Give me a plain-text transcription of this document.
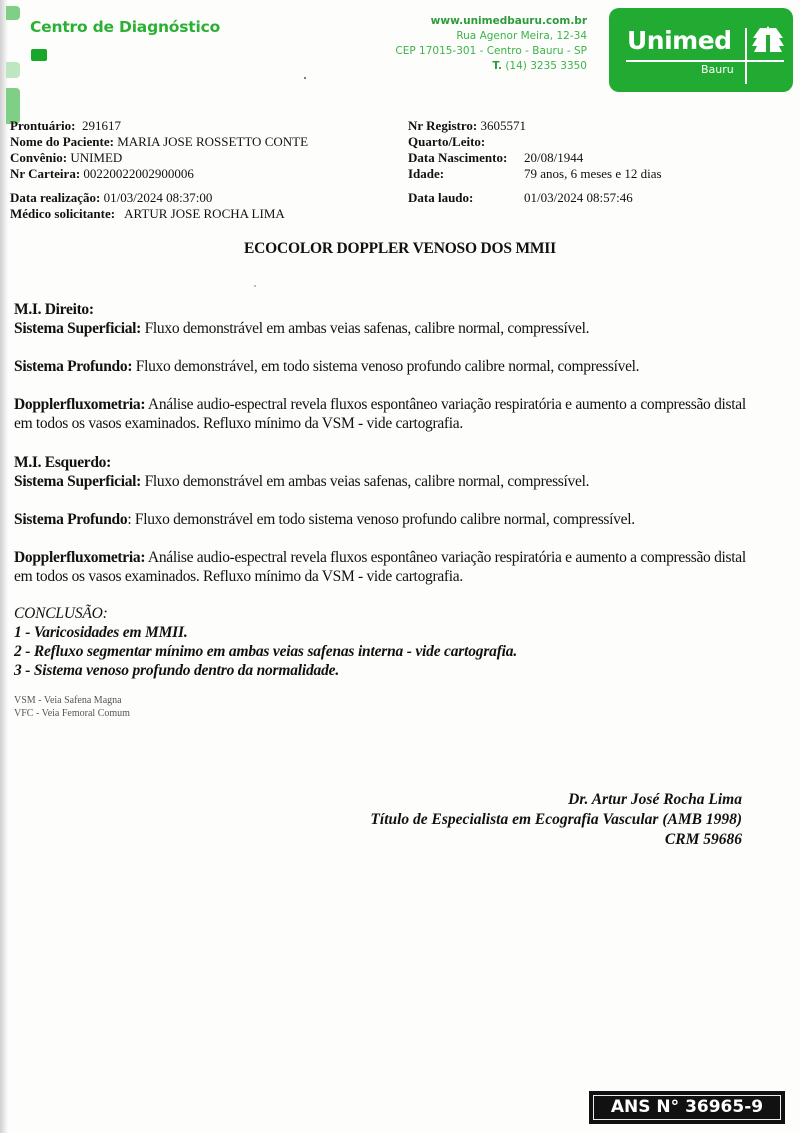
Centro de Diagnóstico	www.unimedbauru.com.br
Rua Agenor Meira, 12-34
CEP 17015-301 - Centro - Bauru - SP
T. (14) 3235 3350
Unimed
Bauru
Prontuário: 291617
Nome do Paciente: MARIA JOSE ROSSETTO CONTE
Convênio: UNIMED
Nr Carteira: 00220022002900006
Data realização: 01/03/2024 08:37:00
Médico solicitante: ARTUR JOSE ROCHA LIMA
Nr Registro: 3605571
Quarto/Leito:
Data Nascimento: 20/08/1944
Idade:	79 anos, 6 meses e 12 dias
Data laudo:	01/03/2024 08:57:46
ECOCOLOR DOPPLER VENOSO DOS MMII
M.I. Direito:
Sistema Superficial: Fluxo demonstrável em ambas veias safenas, calibre normal, compressível.
Sistema Profundo: Fluxo demonstrável, em todo sistema venoso profundo calibre normal, compressível.
Dopplerfluxometria: Análise audio-espectral revela fluxos espontâneo variação respiratória e aumento a compressão distal em todos os vasos examinados. Refluxo mínimo da VSM - vide cartografia.
M.I. Esquerdo:
Sistema Superficial: Fluxo demonstrável em ambas veias safenas, calibre normal, compressível.
Sistema Profundo: Fluxo demonstrável em todo sistema venoso profundo calibre normal, compressível.
Dopplerfluxometria: Análise audio-espectral revela fluxos espontâneo variação respiratória e aumento a compressão distal em todos os vasos examinados. Refluxo mínimo da VSM - vide cartografia.
CONCLUSÃO:
1 - Varicosidades em MMII.
2 - Refluxo segmentar mínimo em ambas veias safenas interna - vide cartografia.
3 - Sistema venoso profundo dentro da normalidade.
VSM - Veia Safena Magna
VFC - Veia Femoral Comum
Dr. Artur José Rocha Lima
Título de Especialista em Ecografia Vascular (AMB 1998)
CRM 59686
ANS N° 36965-9
